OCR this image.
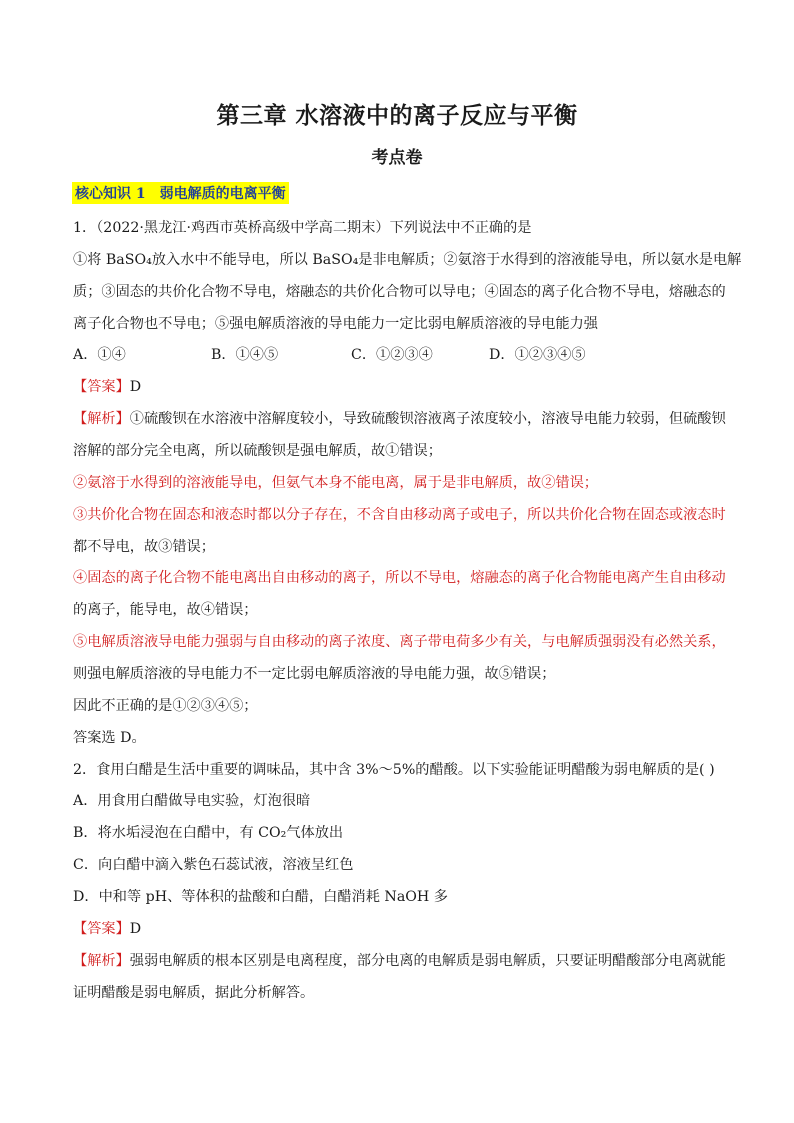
第三章 水溶液中的离子反应与平衡
考点卷
核心知识 1 弱电解质的电离平衡
1．（2022·黑龙江·鸡西市英桥高级中学高二期末）下列说法中不正确的是
①将 BaSO₄放入水中不能导电，所以 BaSO₄是非电解质；②氨溶于水得到的溶液能导电，所以氨水是电解
质；③固态的共价化合物不导电，熔融态的共价化合物可以导电；④固态的离子化合物不导电，熔融态的
离子化合物也不导电；⑤强电解质溶液的导电能力一定比弱电解质溶液的导电能力强
A．①④	B．①④⑤	C．①②③④	D．①②③④⑤
【答案】D
【解析】①硫酸钡在水溶液中溶解度较小，导致硫酸钡溶液离子浓度较小，溶液导电能力较弱，但硫酸钡
溶解的部分完全电离，所以硫酸钡是强电解质，故①错误；
②氨溶于水得到的溶液能导电，但氨气本身不能电离，属于是非电解质，故②错误；
③共价化合物在固态和液态时都以分子存在，不含自由移动离子或电子，所以共价化合物在固态或液态时
都不导电，故③错误；
④固态的离子化合物不能电离出自由移动的离子，所以不导电，熔融态的离子化合物能电离产生自由移动
的离子，能导电，故④错误；
⑤电解质溶液导电能力强弱与自由移动的离子浓度、离子带电荷多少有关，与电解质强弱没有必然关系，
则强电解质溶液的导电能力不一定比弱电解质溶液的导电能力强，故⑤错误；
因此不正确的是①②③④⑤；
答案选 D。
2．食用白醋是生活中重要的调味品，其中含 3%～5%的醋酸。以下实验能证明醋酸为弱电解质的是( )
A．用食用白醋做导电实验，灯泡很暗
B．将水垢浸泡在白醋中，有 CO₂气体放出
C．向白醋中滴入紫色石蕊试液，溶液呈红色
D．中和等 pH、等体积的盐酸和白醋，白醋消耗 NaOH 多
【答案】D
【解析】强弱电解质的根本区别是电离程度，部分电离的电解质是弱电解质，只要证明醋酸部分电离就能
证明醋酸是弱电解质，据此分析解答。
